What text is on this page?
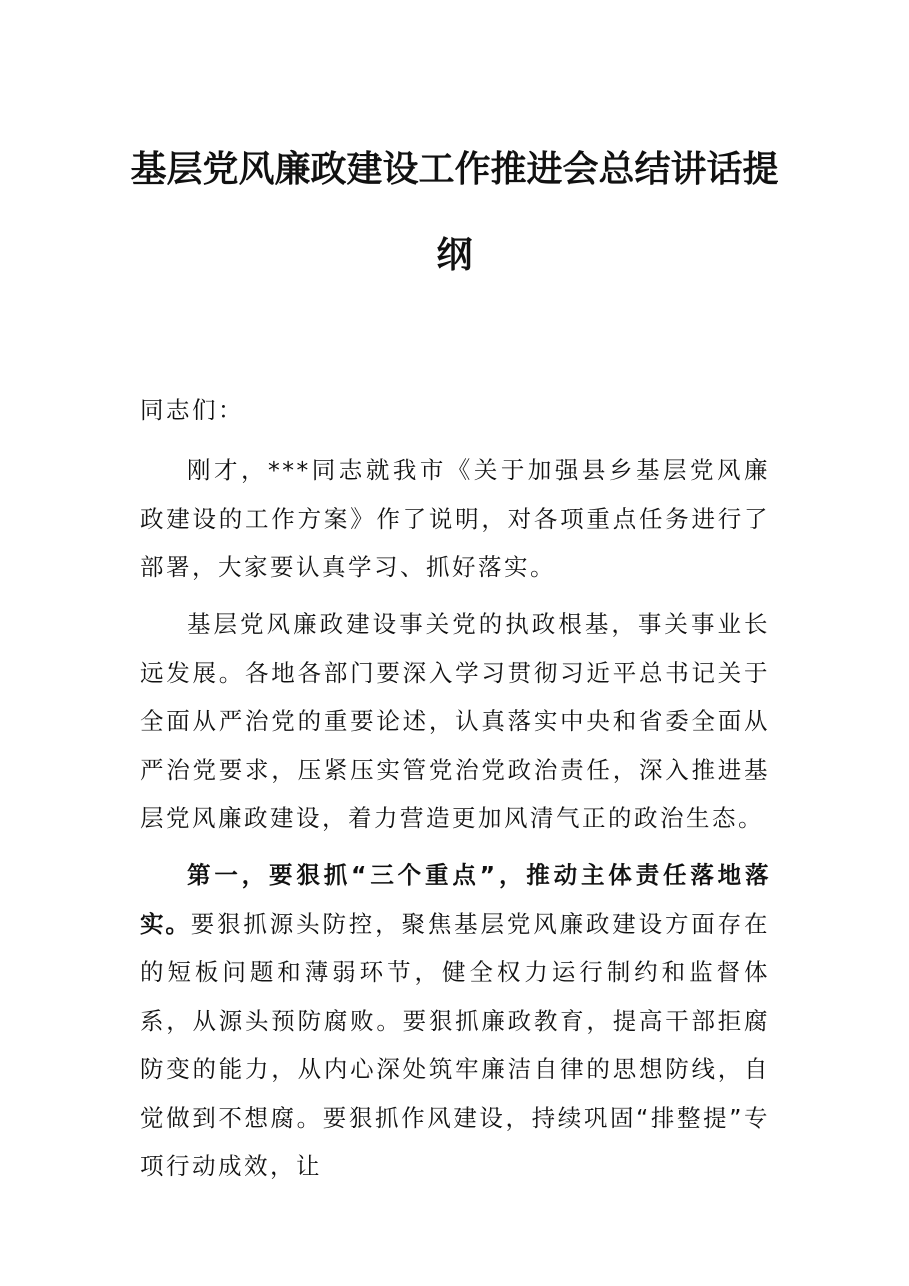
基层党风廉政建设工作推进会总结讲话提
纲
同志们：
刚才，***同志就我市《关于加强县乡基层党风廉政建设的工作方案》作了说明，对各项重点任务进行了部署，大家要认真学习、抓好落实。
基层党风廉政建设事关党的执政根基，事关事业长远发展。各地各部门要深入学习贯彻习近平总书记关于全面从严治党的重要论述，认真落实中央和省委全面从严治党要求，压紧压实管党治党政治责任，深入推进基层党风廉政建设，着力营造更加风清气正的政治生态。
第一，要狠抓“三个重点”，推动主体责任落地落实。要狠抓源头防控，聚焦基层党风廉政建设方面存在的短板问题和薄弱环节，健全权力运行制约和监督体系，从源头预防腐败。要狠抓廉政教育，提高干部拒腐防变的能力，从内心深处筑牢廉洁自律的思想防线，自觉做到不想腐。要狠抓作风建设，持续巩固“排整提”专项行动成效，让
